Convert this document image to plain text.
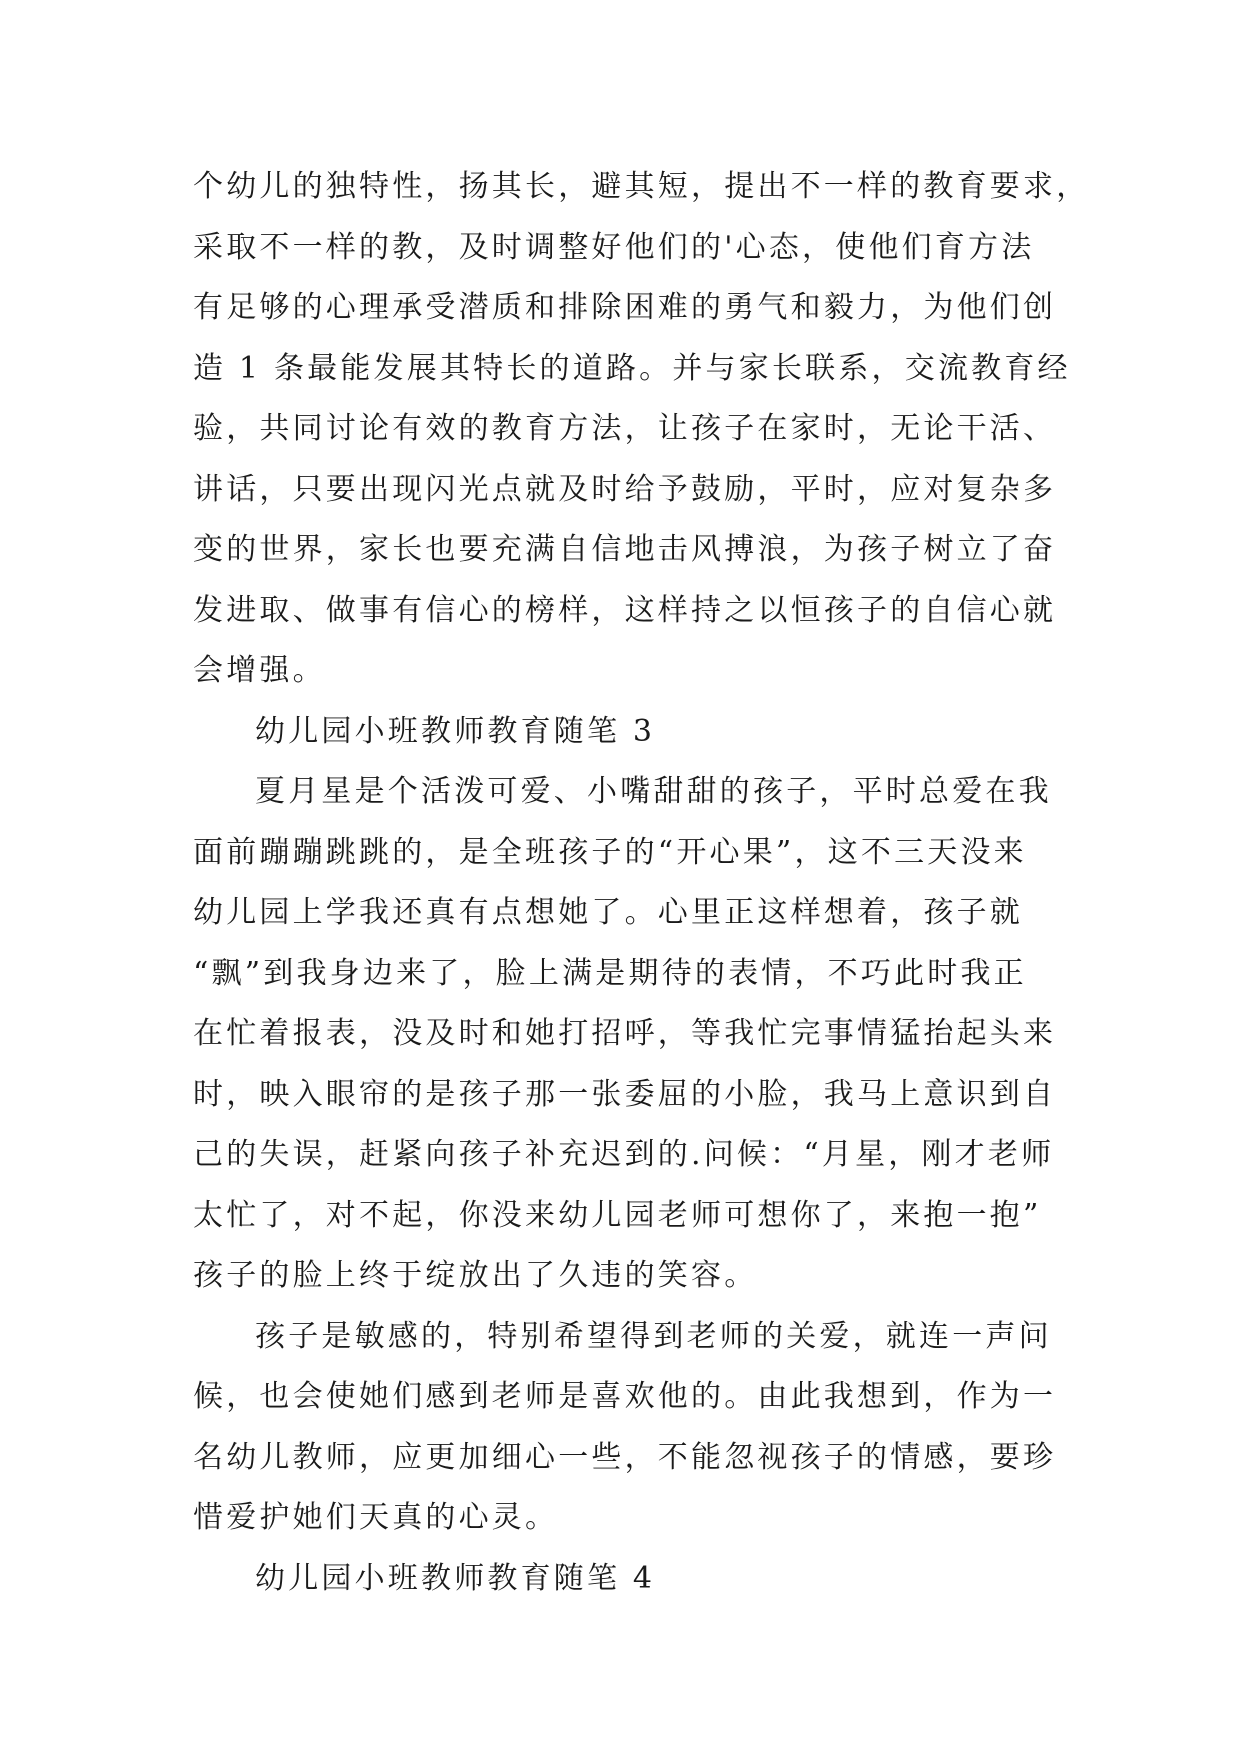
个幼儿的独特性，扬其长，避其短，提出不一样的教育要求，
采取不一样的教，及时调整好他们的'心态，使他们育方法
有足够的心理承受潜质和排除困难的勇气和毅力，为他们创
造 1 条最能发展其特长的道路。并与家长联系，交流教育经
验，共同讨论有效的教育方法，让孩子在家时，无论干活、
讲话，只要出现闪光点就及时给予鼓励，平时，应对复杂多
变的世界，家长也要充满自信地击风搏浪，为孩子树立了奋
发进取、做事有信心的榜样，这样持之以恒孩子的自信心就
会增强。
幼儿园小班教师教育随笔 3
夏月星是个活泼可爱、小嘴甜甜的孩子，平时总爱在我
面前蹦蹦跳跳的，是全班孩子的“开心果”，这不三天没来
幼儿园上学我还真有点想她了。心里正这样想着，孩子就
“飘”到我身边来了，脸上满是期待的表情，不巧此时我正
在忙着报表，没及时和她打招呼，等我忙完事情猛抬起头来
时，映入眼帘的是孩子那一张委屈的小脸，我马上意识到自
己的失误，赶紧向孩子补充迟到的.问候：“月星，刚才老师
太忙了，对不起，你没来幼儿园老师可想你了，来抱一抱”
孩子的脸上终于绽放出了久违的笑容。
孩子是敏感的，特别希望得到老师的关爱，就连一声问
候，也会使她们感到老师是喜欢他的。由此我想到，作为一
名幼儿教师，应更加细心一些，不能忽视孩子的情感，要珍
惜爱护她们天真的心灵。
幼儿园小班教师教育随笔 4
